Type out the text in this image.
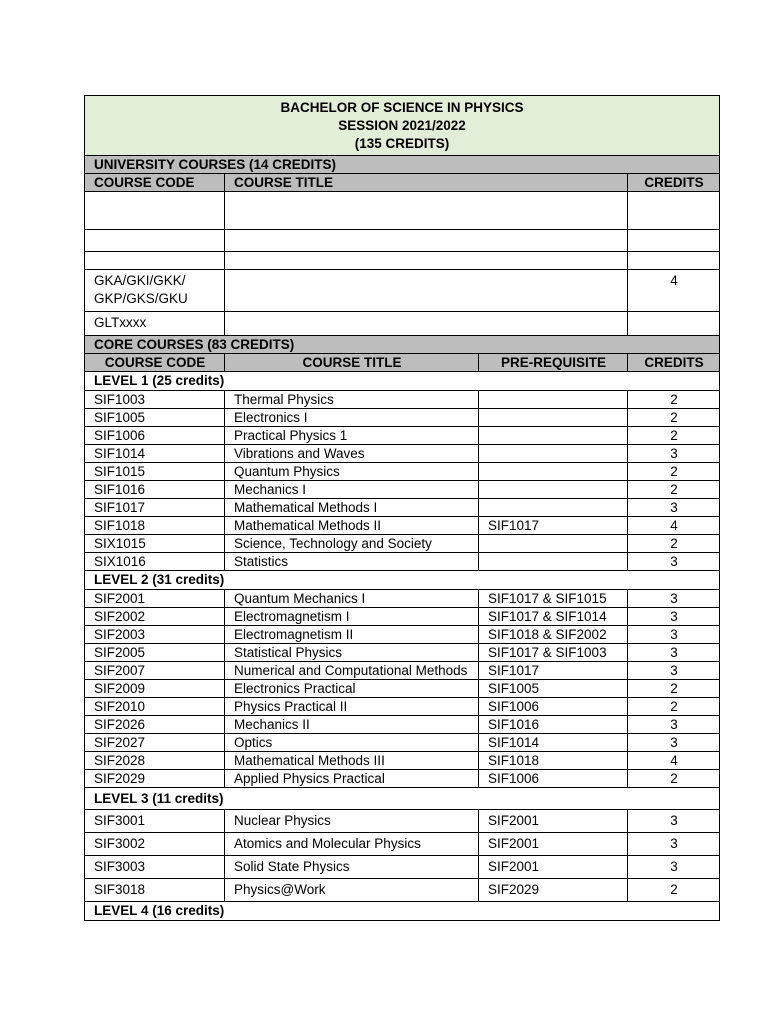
BACHELOR OF SCIENCE IN PHYSICS
SESSION 2021/2022
(135 CREDITS)			

UNIVERSITY COURSES (14 CREDITS)			
COURSE CODE	COURSE TITLE		CREDITS

GKA/GKI/GKK/
GKP/GKS/GKU			4
GLTxxxx			
CORE COURSES (83 CREDITS)			
COURSE CODE	COURSE TITLE	PRE-REQUISITE	CREDITS
LEVEL 1 (25 credits)			
SIF1003	Thermal Physics		2
SIF1005	Electronics I		2
SIF1006	Practical Physics 1		2
SIF1014	Vibrations and Waves		3
SIF1015	Quantum Physics		2
SIF1016	Mechanics I		2
SIF1017	Mathematical Methods I		3
SIF1018	Mathematical Methods II	SIF1017	4
SIX1015	Science, Technology and Society		2
SIX1016	Statistics		3
LEVEL 2 (31 credits)			
SIF2001	Quantum Mechanics I	SIF1017 & SIF1015	3
SIF2002	Electromagnetism I	SIF1017 & SIF1014	3
SIF2003	Electromagnetism II	SIF1018 & SIF2002	3
SIF2005	Statistical Physics	SIF1017 & SIF1003	3
SIF2007	Numerical and Computational Methods	SIF1017	3
SIF2009	Electronics Practical	SIF1005	2
SIF2010	Physics Practical II	SIF1006	2
SIF2026	Mechanics II	SIF1016	3
SIF2027	Optics	SIF1014	3
SIF2028	Mathematical Methods III	SIF1018	4
SIF2029	Applied Physics Practical	SIF1006	2
LEVEL 3 (11 credits)			
SIF3001	Nuclear Physics	SIF2001	3
SIF3002	Atomics and Molecular Physics	SIF2001	3
SIF3003	Solid State Physics	SIF2001	3
SIF3018	Physics@Work	SIF2029	2
LEVEL 4 (16 credits)			
